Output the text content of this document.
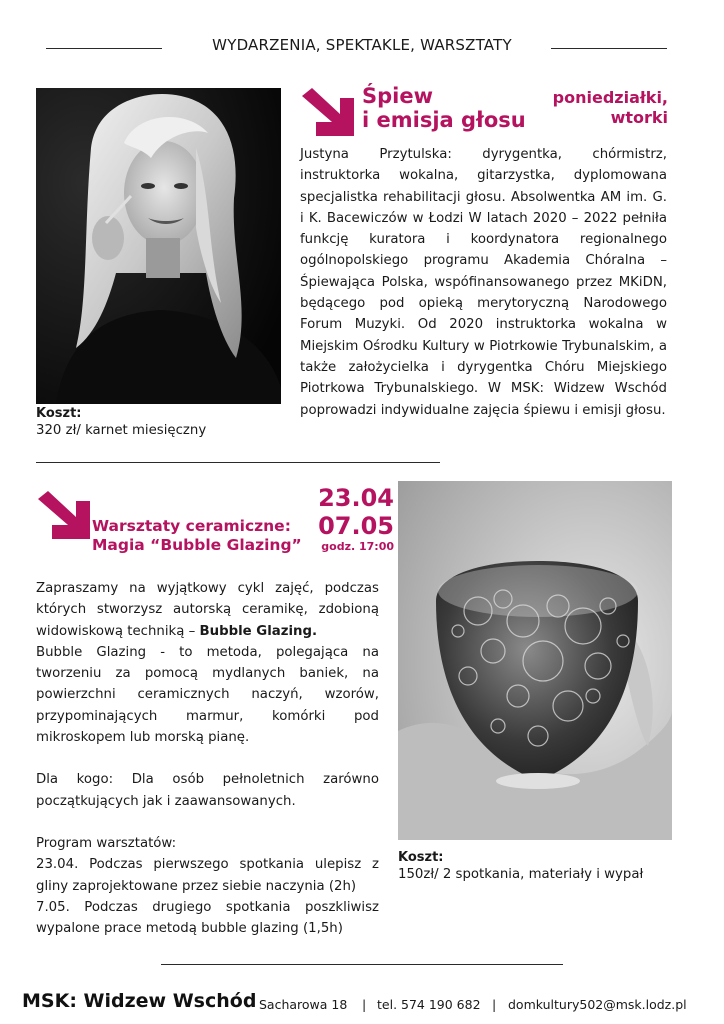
WYDARZENIA, SPEKTAKLE, WARSZTATY
Śpiew
i emisja głosu
poniedziałki,
wtorki
Justyna Przytulska: dyrygentka, chórmistrz, instruktorka wokalna, gitarzystka, dyplomowana specjalistka rehabilitacji głosu. Absolwentka AM im. G. i K. Bacewiczów w Łodzi W latach 2020 – 2022 pełniła funkcję kuratora i koordynatora regionalnego ogólnopolskiego programu Akademia Chóralna – Śpiewająca Polska, wspófinansowanego przez MKiDN, będącego pod opieką merytoryczną Narodowego Forum Muzyki. Od 2020 instruktorka wokalna w Miejskim Ośrodku Kultury w Piotrkowie Trybunalskim, a także założycielka i dyrygentka Chóru Miejskiego Piotrkowa Trybunalskiego. W MSK: Widzew Wschód poprowadzi indywidualne zajęcia śpiewu i emisji głosu.
Koszt:
320 zł/ karnet miesięczny
Warsztaty ceramiczne:
Magia “Bubble Glazing”
23.04
07.05
godz. 17:00

Zapraszamy na wyjątkowy cykl zajęć, podczas których stworzysz autorską ceramikę, zdobioną widowiskową techniką – Bubble Glazing.

Bubble Glazing - to metoda, polegająca na tworzeniu za pomocą mydlanych baniek, na powierzchni ceramicznych naczyń, wzorów, przypominających marmur, komórki pod mikroskopem lub morską pianę.

Dla kogo: Dla osób pełnoletnich zarówno początkujących jak i zaawansowanych.

Program warsztatów:

23.04. Podczas pierwszego spotkania ulepisz z gliny zaprojektowane przez siebie naczynia (2h)

7.05. Podczas drugiego spotkania poszkliwisz wypalone prace metodą bubble glazing (1,5h)

Koszt:
150zł/ 2 spotkania, materiały i wypał
MSK: Widzew Wschód Sacharowa 18 | tel. 574 190 682 | domkultury502@msk.lodz.pl
